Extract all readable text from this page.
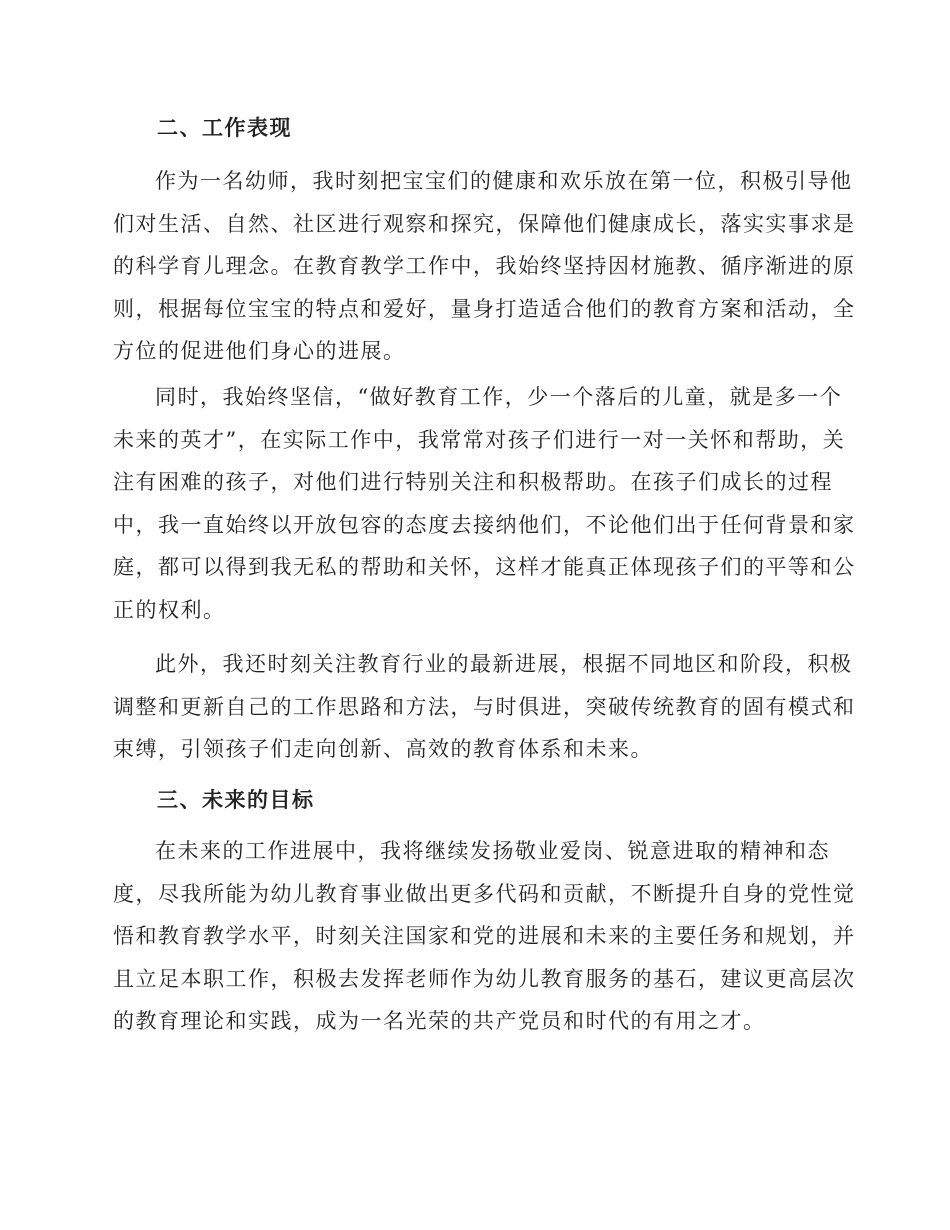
二、工作表现
作为一名幼师，我时刻把宝宝们的健康和欢乐放在第一位，积极引导他
们对生活、自然、社区进行观察和探究，保障他们健康成长，落实实事求是
的科学育儿理念。在教育教学工作中，我始终坚持因材施教、循序渐进的原
则，根据每位宝宝的特点和爱好，量身打造适合他们的教育方案和活动，全
方位的促进他们身心的进展。
同时，我始终坚信，“做好教育工作，少一个落后的儿童，就是多一个
未来的英才”，在实际工作中，我常常对孩子们进行一对一关怀和帮助，关
注有困难的孩子，对他们进行特别关注和积极帮助。在孩子们成长的过程
中，我一直始终以开放包容的态度去接纳他们，不论他们出于任何背景和家
庭，都可以得到我无私的帮助和关怀，这样才能真正体现孩子们的平等和公
正的权利。
此外，我还时刻关注教育行业的最新进展，根据不同地区和阶段，积极
调整和更新自己的工作思路和方法，与时俱进，突破传统教育的固有模式和
束缚，引领孩子们走向创新、高效的教育体系和未来。
三、未来的目标
在未来的工作进展中，我将继续发扬敬业爱岗、锐意进取的精神和态
度，尽我所能为幼儿教育事业做出更多代码和贡献，不断提升自身的党性觉
悟和教育教学水平，时刻关注国家和党的进展和未来的主要任务和规划，并
且立足本职工作，积极去发挥老师作为幼儿教育服务的基石，建议更高层次
的教育理论和实践，成为一名光荣的共产党员和时代的有用之才。
